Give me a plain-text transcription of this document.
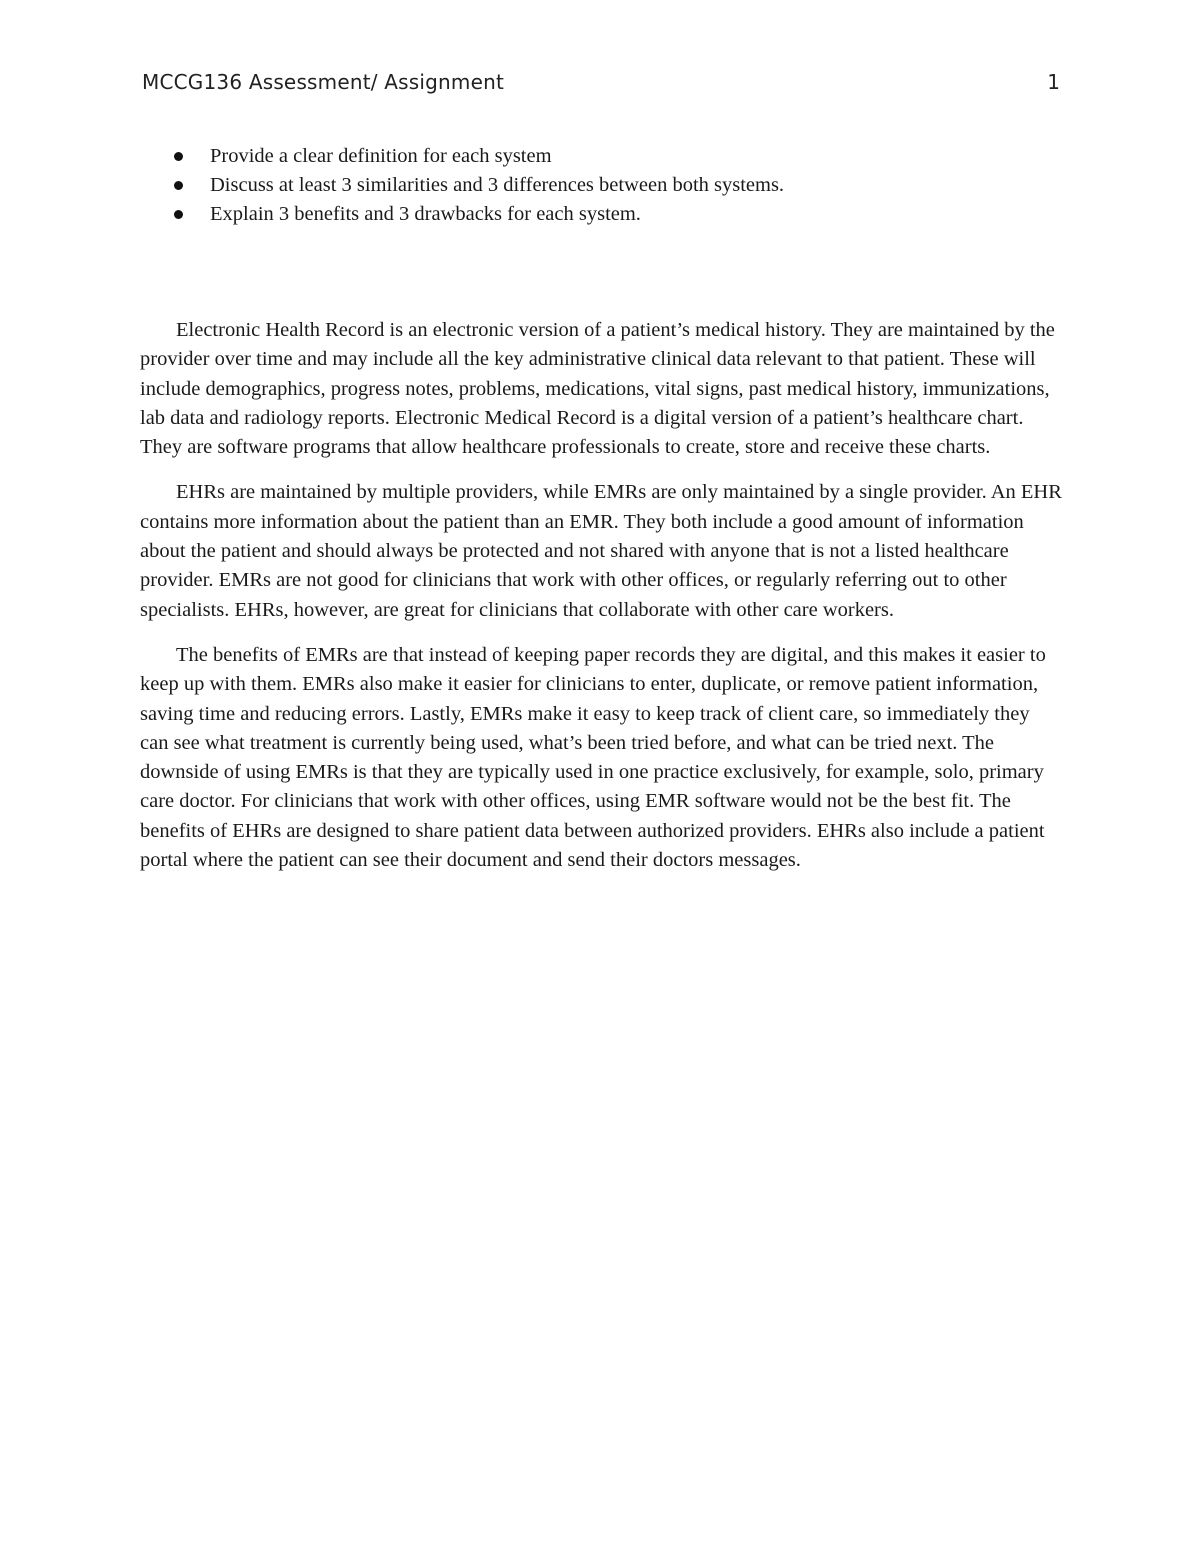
MCCG136 Assessment/ Assignment	1
Provide a clear definition for each system
Discuss at least 3 similarities and 3 differences between both systems.
Explain 3 benefits and 3 drawbacks for each system.

Electronic Health Record is an electronic version of a patient’s medical history. They are maintained by the provider over time and may include all the key administrative clinical data relevant to that patient. These will include demographics, progress notes, problems, medications, vital signs, past medical history, immunizations, lab data and radiology reports. Electronic Medical Record is a digital version of a patient’s healthcare chart. They are software programs that allow healthcare professionals to create, store and receive these charts.

EHRs are maintained by multiple providers, while EMRs are only maintained by a single provider. An EHR contains more information about the patient than an EMR. They both include a good amount of information about the patient and should always be protected and not shared with anyone that is not a listed healthcare provider. EMRs are not good for clinicians that work with other offices, or regularly referring out to other specialists. EHRs, however, are great for clinicians that collaborate with other care workers.

The benefits of EMRs are that instead of keeping paper records they are digital, and this makes it easier to keep up with them. EMRs also make it easier for clinicians to enter, duplicate, or remove patient information, saving time and reducing errors. Lastly, EMRs make it easy to keep track of client care, so immediately they can see what treatment is currently being used, what’s been tried before, and what can be tried next. The downside of using EMRs is that they are typically used in one practice exclusively, for example, solo, primary care doctor. For clinicians that work with other offices, using EMR software would not be the best fit. The benefits of EHRs are designed to share patient data between authorized providers. EHRs also include a patient portal where the patient can see their document and send their doctors messages.
